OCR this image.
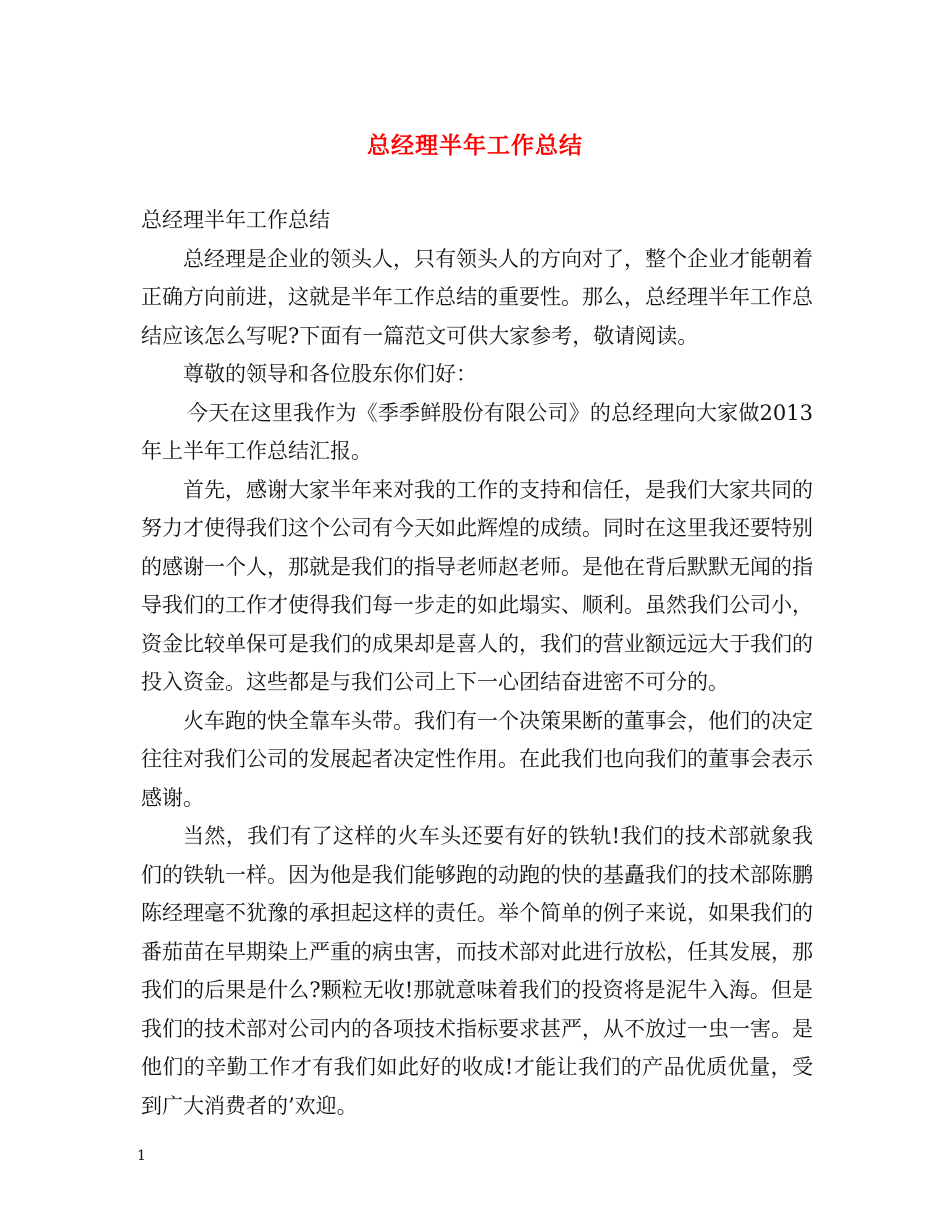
总经理半年工作总结

总经理半年工作总结

总经理是企业的领头人，只有领头人的方向对了，整个企业才能朝着正确方向前进，这就是半年工作总结的重要性。那么，总经理半年工作总结应该怎么写呢?下面有一篇范文可供大家参考，敬请阅读。

尊敬的领导和各位股东你们好：

今天在这里我作为《季季鲜股份有限公司》的总经理向大家做2013年上半年工作总结汇报。

首先，感谢大家半年来对我的工作的支持和信任，是我们大家共同的努力才使得我们这个公司有今天如此辉煌的成绩。同时在这里我还要特别的感谢一个人，那就是我们的指导老师赵老师。是他在背后默默无闻的指导我们的工作才使得我们每一步走的如此塌实、顺利。虽然我们公司小，资金比较单保可是我们的成果却是喜人的，我们的营业额远远大于我们的投入资金。这些都是与我们公司上下一心团结奋进密不可分的。

火车跑的快全靠车头带。我们有一个决策果断的董事会，他们的决定往往对我们公司的发展起者决定性作用。在此我们也向我们的董事会表示感谢。

当然，我们有了这样的火车头还要有好的铁轨!我们的技术部就象我们的铁轨一样。因为他是我们能够跑的动跑的快的基矗我们的技术部陈鹏陈经理毫不犹豫的承担起这样的责任。举个简单的例子来说，如果我们的番茄苗在早期染上严重的病虫害，而技术部对此进行放松，任其发展，那我们的后果是什么?颗粒无收!那就意味着我们的投资将是泥牛入海。但是我们的技术部对公司内的各项技术指标要求甚严，从不放过一虫一害。是他们的辛勤工作才有我们如此好的收成!才能让我们的产品优质优量，受到广大消费者的’欢迎。

1
